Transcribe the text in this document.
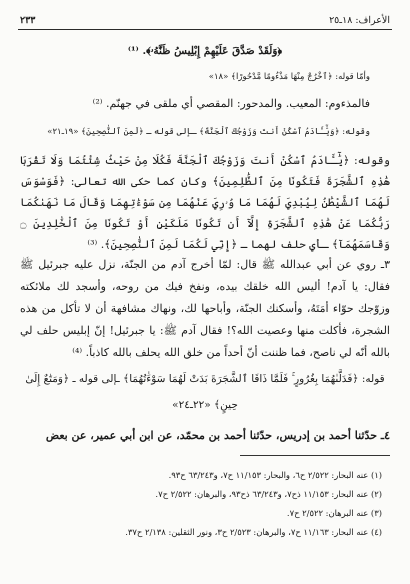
الأعراف: ١٨ـ٢٥
٢٣٣
﴿وَلَقَدْ صَدَّقَ عَلَيْهِمْ إِبْلِيسُ ظَنَّهُۥ﴾. ⁽¹⁾
وأمّا قوله: ﴿ٱخْرُجْ مِنْهَا مَذْءُومًا مَّدْحُورًا﴾ «١٨»
فالمذءوم: المعيب. والمدحور: المقصي أي ملقى في جهنّم. ⁽²⁾
وقوله: ﴿وَيَٰٓـَٔادَمُ ٱسْكُنْ أَنتَ وَزَوْجُكَ ٱلْجَنَّةَ﴾ ـإلى قوله ـ ﴿لَمِنَ ٱلنَّٰصِحِينَ﴾ «١٩ـ٢١»
وقوله: ﴿يَٰٓـَٔادَمُ ٱسْكُنْ أَنتَ وَزَوْجُكَ ٱلْجَنَّةَ فَكُلَا مِنْ حَيْثُ شِئْتُمَا وَلَا تَقْرَبَا هَٰذِهِ ٱلشَّجَرَةَ فَتَكُونَا مِنَ ٱلظَّٰلِمِينَ﴾ وكان كما حكى الله تعالى: ﴿فَوَسْوَسَ لَهُمَا ٱلشَّيْطَٰنُ لِيُبْدِيَ لَهُمَا مَا وُۥرِيَ عَنْهُمَا مِن سَوْءَٰتِهِمَا وَقَالَ مَا نَهَىٰكُمَا رَبُّكُمَا عَنْ هَٰذِهِ ٱلشَّجَرَةِ إِلَّآ أَن تَكُونَا مَلَكَيْنِ أَوْ تَكُونَا مِنَ ٱلْخَٰلِدِينَ ۝ وَقَاسَمَهُمَآ﴾ ـأي حلف لهما ـ ﴿إِنِّي لَكُمَا لَمِنَ ٱلنَّٰصِحِينَ﴾. ⁽³⁾
٣ـ روي عن أبي عبدالله ﷺ قال: لمّا أخرج آدم من الجنّة، نزل عليه جبرئيل ﷺ فقال: يا آدم! أليس الله خلقك بيده، ونفخ فيك من روحه، وأسجد لك ملائكته وزوّجك حوّاء أمَتَهُ، وأسكنك الجنّة، وأباحها لك، ونهاك مشافهة أن لا تأكل من هذه الشجرة، فأكلت منها وعصيت الله؟! فقال آدم ﷺ: يا جبرئيل! إنّ إبليس حلف لي بالله أنّه لي ناصح، فما ظننت أنّ أحداً من خلق الله يحلف بالله كاذباً. ⁽⁴⁾
قوله: ﴿فَدَلَّىٰهُمَا بِغُرُورٍ ۚ فَلَمَّا ذَاقَا ٱلشَّجَرَةَ بَدَتْ لَهُمَا سَوْءَٰتُهُمَا﴾ ـإلى قوله ـ ﴿وَمَتَٰعٌ إِلَىٰ حِينٍ﴾ «٢٢ـ٢٤»
٤ـ حدّثنا أحمد بن إدريس، حدّثنا أحمد بن محمّد، عن ابن أبي عمير، عن بعض
(١) عنه البحار: ٢/٥٢٢ ح٦، والبحار: ١١/١٥٣ ح٧، و٦٣/٢٤٣ ح٩٣.
(٢) عنه البحار: ١١/١٥٣ ذح٧، و٦٣/٢٤٣ ذح٩٣، والبرهان: ٢/٥٢٢ ح٧.
(٣) عنه البرهان: ٢/٥٢٢ ح٧.
(٤) عنه البحار: ١١/١٦٣ ح٧، والبرهان: ٢/٥٢٣ ح٣، ونور الثقلين: ٢/١٣٨ ح٣٧.
